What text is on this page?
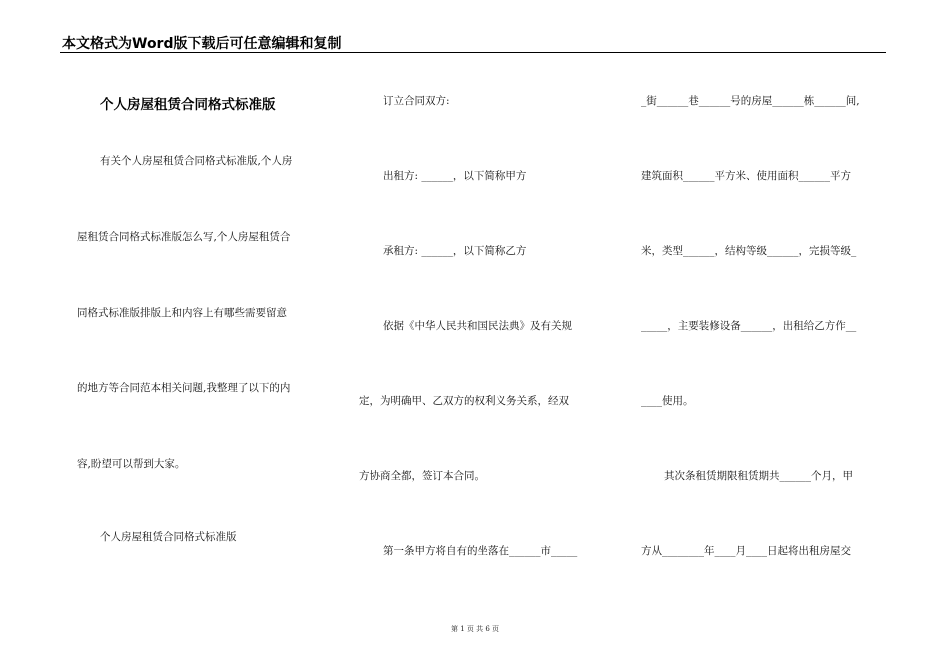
本文格式为Word版下载后可任意编辑和复制
个人房屋租赁合同格式标准版
有关个人房屋租赁合同格式标准版,个人房
屋租赁合同格式标准版怎么写,个人房屋租赁合
同格式标准版排版上和内容上有哪些需要留意
的地方等合同范本相关问题,我整理了以下的内
容,盼望可以帮到大家。
个人房屋租赁合同格式标准版
订立合同双方:
出租方: ______，以下简称甲方
承租方: ______，以下简称乙方
依据《中华人民共和国民法典》及有关规
定，为明确甲、乙双方的权利义务关系，经双
方协商全都，签订本合同。
第一条甲方将自有的坐落在______市_____
_街______巷______号的房屋______栋______间,
建筑面积______平方米、使用面积______平方
米，类型______，结构等级______，完损等级_
_____，主要装修设备______，出租给乙方作__
____使用。
其次条租赁期限租赁期共______个月，甲
方从________年____月____日起将出租房屋交
第 1 页 共 6 页
